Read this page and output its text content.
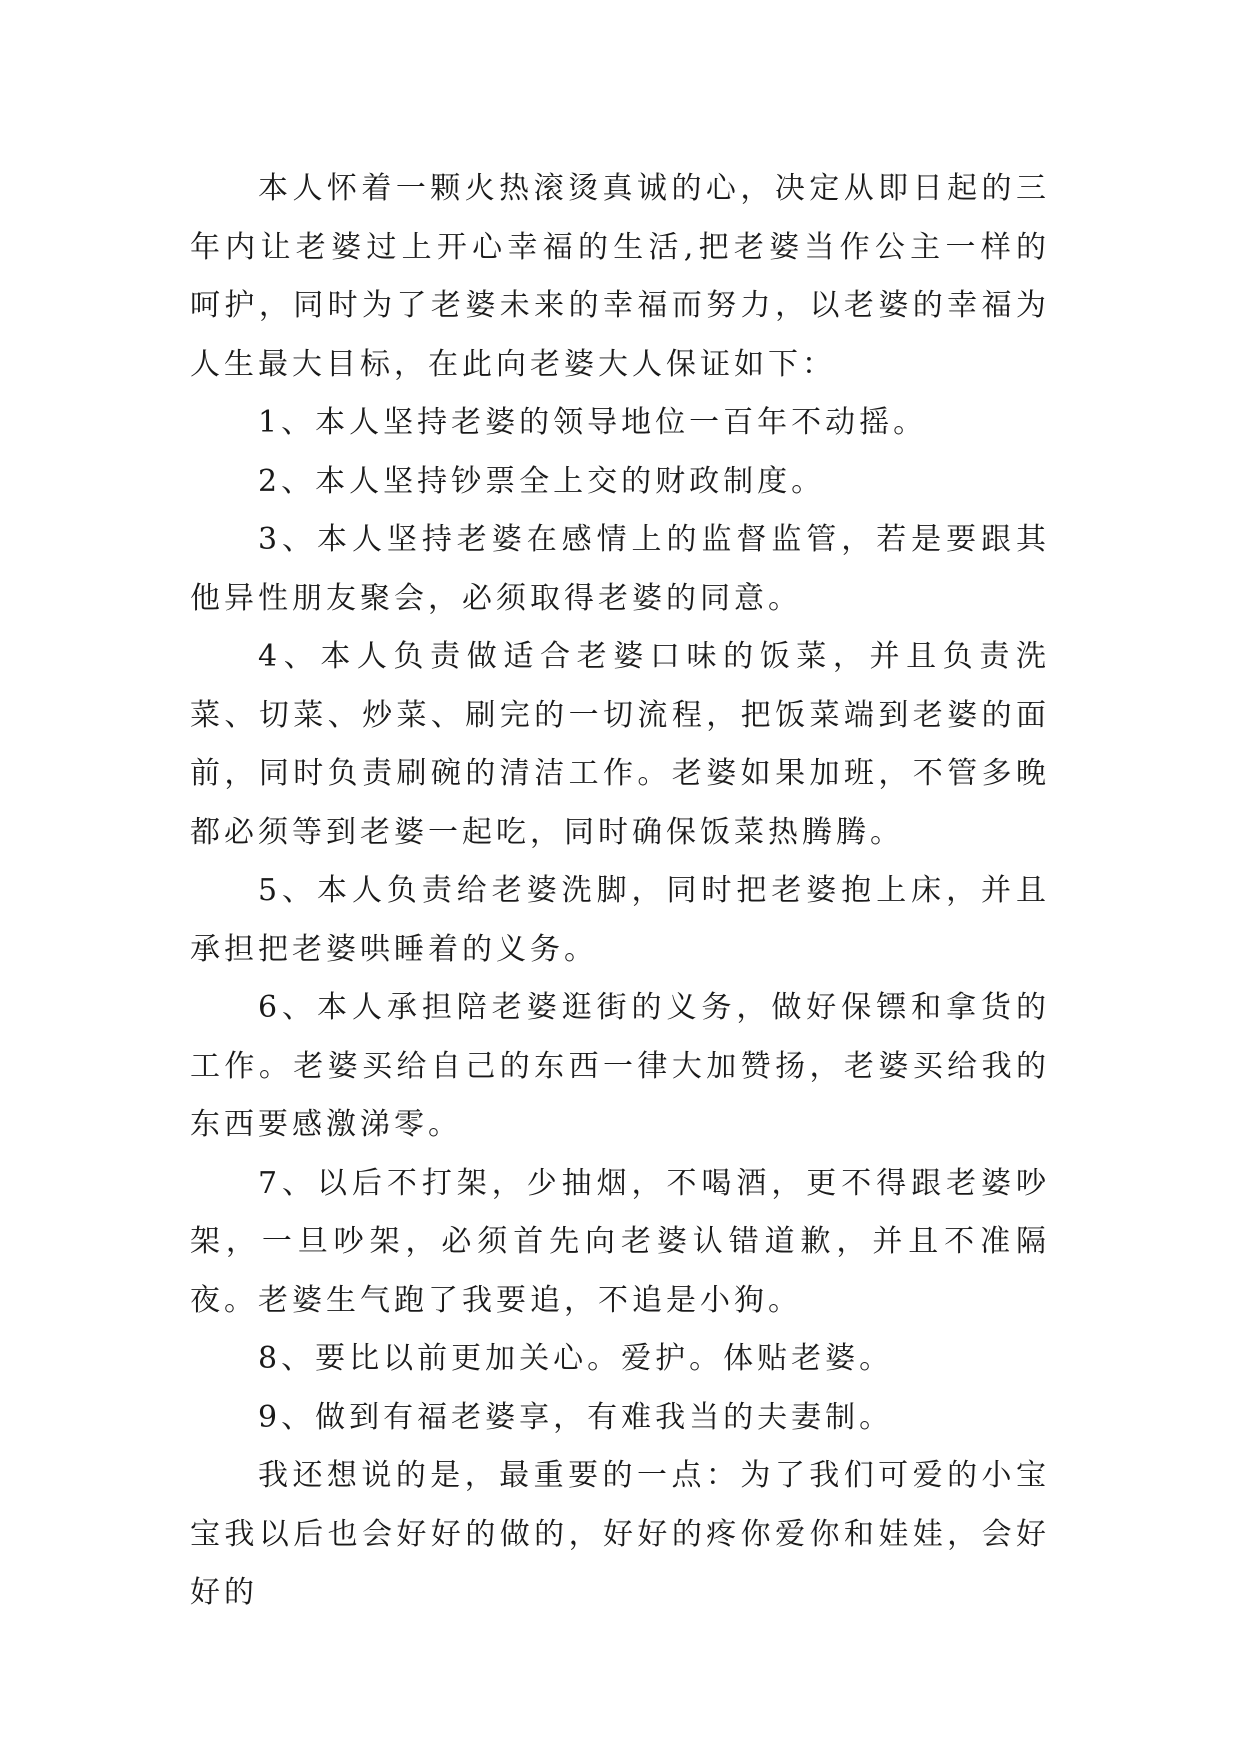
本人怀着一颗火热滚烫真诚的心，决定从即日起的三年内让老婆过上开心幸福的生活,把老婆当作公主一样的呵护，同时为了老婆未来的幸福而努力，以老婆的幸福为人生最大目标，在此向老婆大人保证如下：

1、本人坚持老婆的领导地位一百年不动摇。

2、本人坚持钞票全上交的财政制度。

3、本人坚持老婆在感情上的监督监管，若是要跟其他异性朋友聚会，必须取得老婆的同意。

4、本人负责做适合老婆口味的饭菜，并且负责洗菜、切菜、炒菜、刷完的一切流程，把饭菜端到老婆的面前，同时负责刷碗的清洁工作。老婆如果加班，不管多晚都必须等到老婆一起吃，同时确保饭菜热腾腾。

5、本人负责给老婆洗脚，同时把老婆抱上床，并且承担把老婆哄睡着的义务。

6、本人承担陪老婆逛街的义务，做好保镖和拿货的工作。老婆买给自己的东西一律大加赞扬，老婆买给我的东西要感激涕零。

7、以后不打架，少抽烟，不喝酒，更不得跟老婆吵架，一旦吵架，必须首先向老婆认错道歉，并且不准隔夜。老婆生气跑了我要追，不追是小狗。

8、要比以前更加关心。爱护。体贴老婆。

9、做到有福老婆享，有难我当的夫妻制。

我还想说的是，最重要的一点：为了我们可爱的小宝宝我以后也会好好的做的，好好的疼你爱你和娃娃，会好好的
